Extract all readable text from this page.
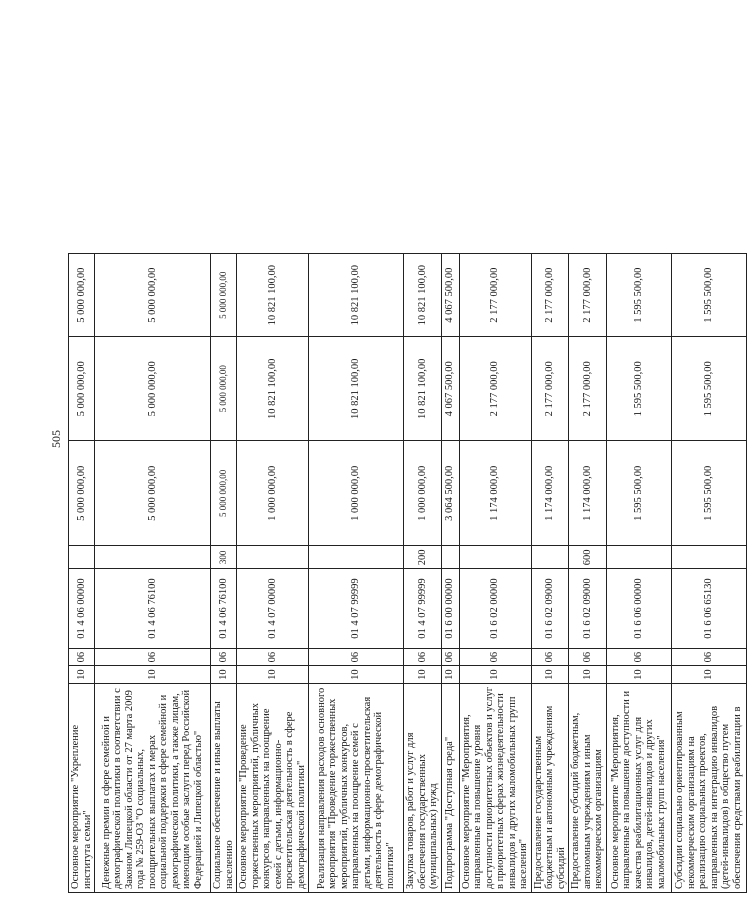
505
Основное мероприятие "Укрепление института семьи"	10	06	01 4 06 00000		5 000 000,00	5 000 000,00	5 000 000,00
Денежные премии в сфере семейной и демографической политики в соответствии с Законом Липецкой области от 27 марта 2009 года № 259-ОЗ "О социальных, поощрительных выплатах и мерах социальной поддержки в сфере семейной и демографической политики, а также лицам, имеющим особые заслуги перед Российской Федерацией и Липецкой областью"	10	06	01 4 06 76100		5 000 000,00	5 000 000,00	5 000 000,00
Социальное обеспечение и иные выплаты населению	10	06	01 4 06 76100	300	5 000 000,00	5 000 000,00	5 000 000,00
Основное мероприятие "Проведение торжественных мероприятий, публичных конкурсов, направленных на поощрение семей с детьми, информационно-просветительская деятельность в сфере демографической политики"	10	06	01 4 07 00000		1 000 000,00	10 821 100,00	10 821 100,00
Реализация направления расходов основного мероприятия "Проведение торжественных мероприятий, публичных конкурсов, направленных на поощрение семей с детьми, информационно-просветительская деятельность в сфере демографической политики"	10	06	01 4 07 99999		1 000 000,00	10 821 100,00	10 821 100,00
Закупка товаров, работ и услуг для обеспечения государственных (муниципальных) нужд	10	06	01 4 07 99999	200	1 000 000,00	10 821 100,00	10 821 100,00
Подпрограмма "Доступная среда"	10	06	01 6 00 00000		3 064 500,00	4 067 500,00	4 067 500,00
Основное мероприятие "Мероприятия, направленные на повышение уровня доступности приоритетных объектов и услуг в приоритетных сферах жизнедеятельности инвалидов и других маломобильных групп населения"	10	06	01 6 02 00000		1 174 000,00	2 177 000,00	2 177 000,00
Предоставление государственным бюджетным и автономным учреждениям субсидий	10	06	01 6 02 09000		1 174 000,00	2 177 000,00	2 177 000,00
Предоставление субсидий бюджетным, автономным учреждениям и иным некоммерческим организациям	10	06	01 6 02 09000	600	1 174 000,00	2 177 000,00	2 177 000,00
Основное мероприятие "Мероприятия, направленные на повышение доступности и качества реабилитационных услуг для инвалидов, детей-инвалидов и других маломобильных групп населения"	10	06	01 6 06 00000		1 595 500,00	1 595 500,00	1 595 500,00
Субсидии социально ориентированным некоммерческим организациям на реализацию социальных проектов, направленных на интеграцию инвалидов (детей-инвалидов) в общество путем обеспечения средствами реабилитации в	10	06	01 6 06 65130		1 595 500,00	1 595 500,00	1 595 500,00
